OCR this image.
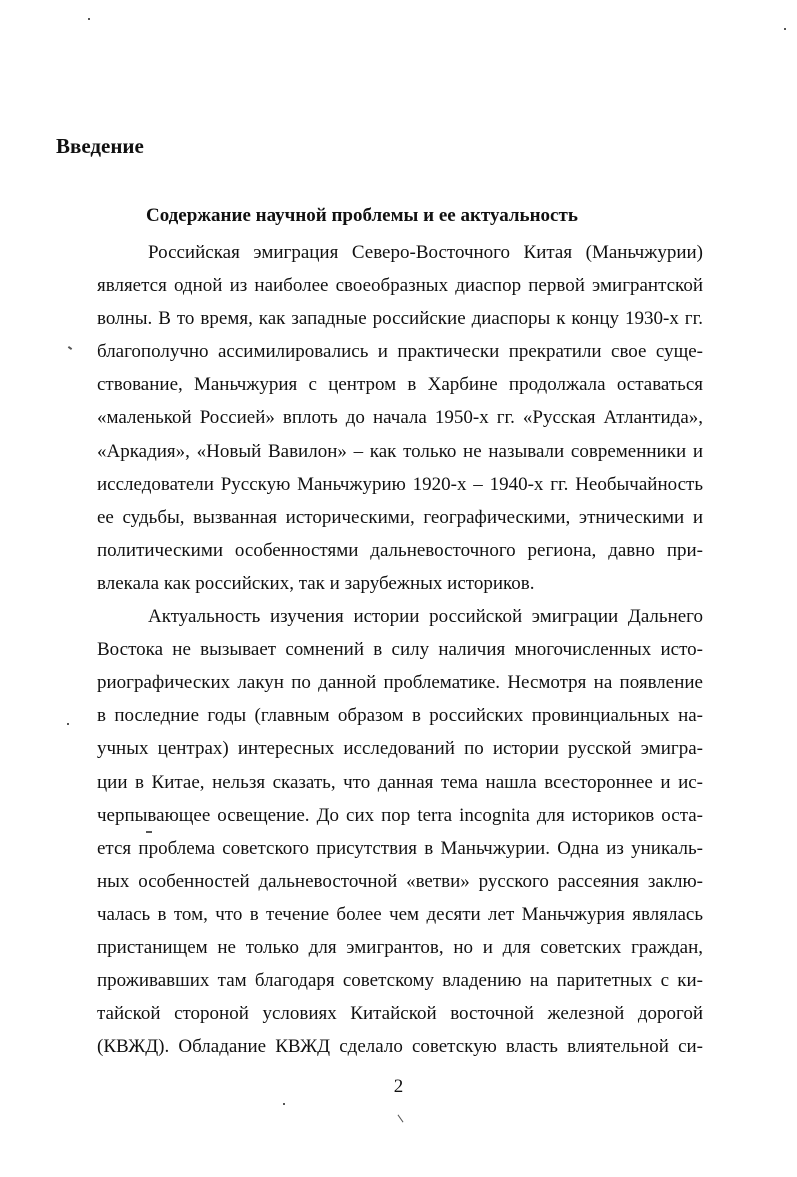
Введение
Содержание научной проблемы и ее актуальность
Российская эмиграция Северо-Восточного Китая (Маньчжурии)
является одной из наиболее своеобразных диаспор первой эмигрантской
волны. В то время, как западные российские диаспоры к концу 1930-х гг.
благополучно ассимилировались и практически прекратили свое суще-
ствование, Маньчжурия с центром в Харбине продолжала оставаться
«маленькой Россией» вплоть до начала 1950-х гг. «Русская Атлантида»,
«Аркадия», «Новый Вавилон» – как только не называли современники и
исследователи Русскую Маньчжурию 1920-х – 1940-х гг. Необычайность
ее судьбы, вызванная историческими, географическими, этническими и
политическими особенностями дальневосточного региона, давно при-
влекала как российских, так и зарубежных историков.
Актуальность изучения истории российской эмиграции Дальнего
Востока не вызывает сомнений в силу наличия многочисленных исто-
риографических лакун по данной проблематике. Несмотря на появление
в последние годы (главным образом в российских провинциальных на-
учных центрах) интересных исследований по истории русской эмигра-
ции в Китае, нельзя сказать, что данная тема нашла всестороннее и ис-
черпывающее освещение. До сих пор terra incognita для историков оста-
ется проблема советского присутствия в Маньчжурии. Одна из уникаль-
ных особенностей дальневосточной «ветви» русского рассеяния заклю-
чалась в том, что в течение более чем десяти лет Маньчжурия являлась
пристанищем не только для эмигрантов, но и для советских граждан,
проживавших там благодаря советскому владению на паритетных с ки-
тайской стороной условиях Китайской восточной железной дорогой
(КВЖД). Обладание КВЖД сделало советскую власть влиятельной си-
2
